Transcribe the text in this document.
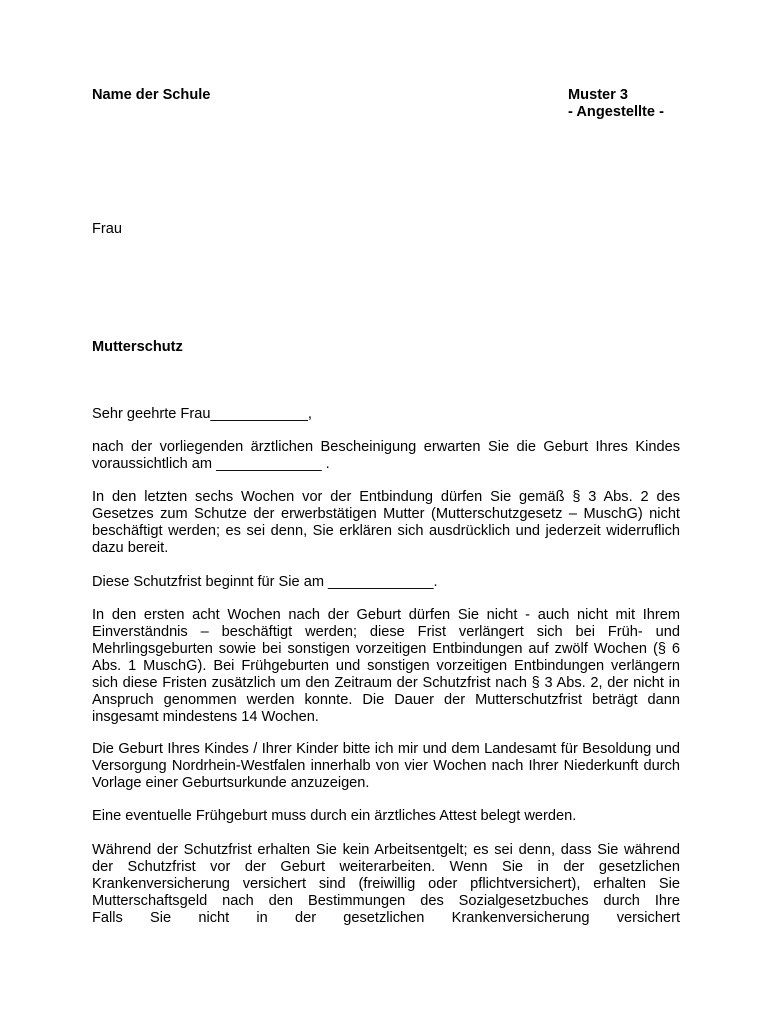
Name der Schule	Muster 3
- Angestellte -
Frau
Mutterschutz
Sehr geehrte Frau____________,
nach der vorliegenden ärztlichen Bescheinigung erwarten Sie die Geburt Ihres Kindes voraussichtlich am _____________ .
In den letzten sechs Wochen vor der Entbindung dürfen Sie gemäß § 3 Abs. 2 des Gesetzes zum Schutze der erwerbstätigen Mutter (Mutterschutzgesetz – MuschG) nicht beschäftigt werden; es sei denn, Sie erklären sich ausdrücklich und jederzeit widerruflich dazu bereit.
Diese Schutzfrist beginnt für Sie am _____________.
In den ersten acht Wochen nach der Geburt dürfen Sie nicht - auch nicht mit Ihrem Einverständnis – beschäftigt werden; diese Frist verlängert sich bei Früh- und Mehrlingsgeburten sowie bei sonstigen vorzeitigen Entbindungen auf zwölf Wochen (§ 6 Abs. 1 MuschG). Bei Frühgeburten und sonstigen vorzeitigen Entbindungen verlängern sich diese Fristen zusätzlich um den Zeitraum der Schutzfrist nach § 3 Abs. 2, der nicht in Anspruch genommen werden konnte. Die Dauer der Mutterschutzfrist beträgt dann insgesamt mindestens 14 Wochen.
Die Geburt Ihres Kindes / Ihrer Kinder bitte ich mir und dem Landesamt für Besoldung und Versorgung Nordrhein-Westfalen innerhalb von vier Wochen nach Ihrer Niederkunft durch Vorlage einer Geburtsurkunde anzuzeigen.
Eine eventuelle Frühgeburt muss durch ein ärztliches Attest belegt werden.
Während der Schutzfrist erhalten Sie kein Arbeitsentgelt; es sei denn, dass Sie während der Schutzfrist vor der Geburt weiterarbeiten. Wenn Sie in der gesetzlichen Krankenversicherung versichert sind (freiwillig oder pflichtversichert), erhalten Sie Mutterschaftsgeld nach den Bestimmungen des Sozialgesetzbuches durch Ihre
Falls Sie nicht in der gesetzlichen Krankenversicherung versichert
